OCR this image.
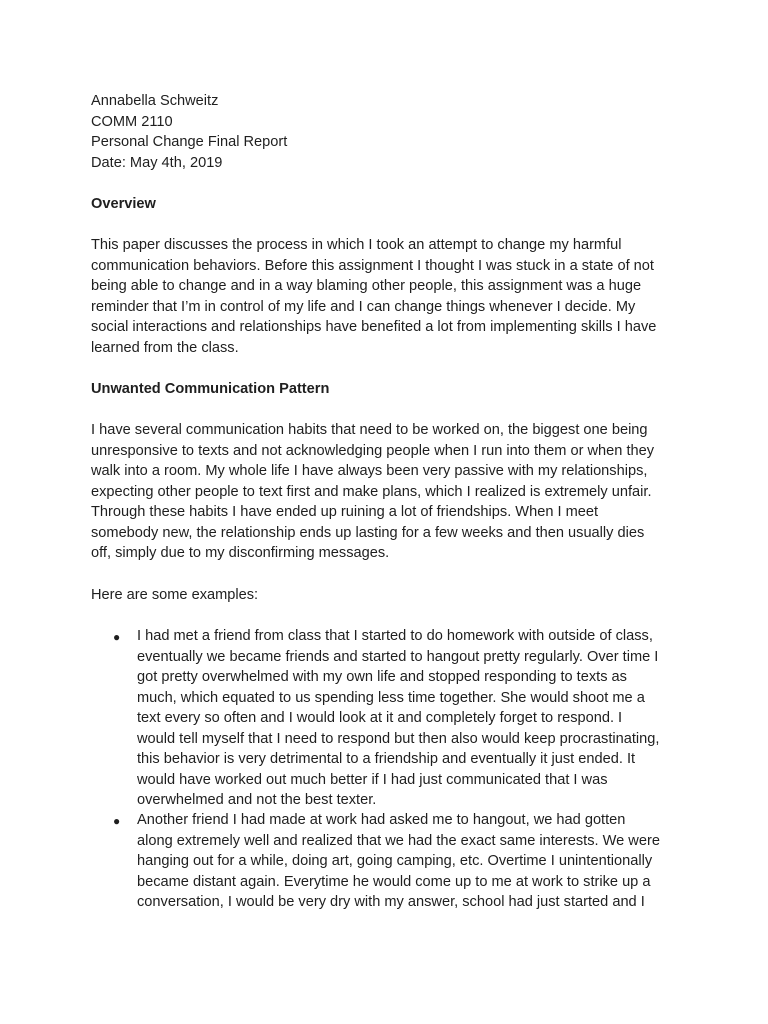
Annabella Schweitz
COMM 2110
Personal Change Final Report
Date: May 4th, 2019
Overview
This paper discusses the process in which I took an attempt to change my harmful
communication behaviors. Before this assignment I thought I was stuck in a state of not
being able to change and in a way blaming other people, this assignment was a huge
reminder that I’m in control of my life and I can change things whenever I decide. My
social interactions and relationships have benefited a lot from implementing skills I have
learned from the class.
Unwanted Communication Pattern
I have several communication habits that need to be worked on, the biggest one being
unresponsive to texts and not acknowledging people when I run into them or when they
walk into a room. My whole life I have always been very passive with my relationships,
expecting other people to text first and make plans, which I realized is extremely unfair.
Through these habits I have ended up ruining a lot of friendships. When I meet
somebody new, the relationship ends up lasting for a few weeks and then usually dies
off, simply due to my disconfirming messages.
Here are some examples:
● I had met a friend from class that I started to do homework with outside of class,
eventually we became friends and started to hangout pretty regularly. Over time I
got pretty overwhelmed with my own life and stopped responding to texts as
much, which equated to us spending less time together. She would shoot me a
text every so often and I would look at it and completely forget to respond. I
would tell myself that I need to respond but then also would keep procrastinating,
this behavior is very detrimental to a friendship and eventually it just ended. It
would have worked out much better if I had just communicated that I was
overwhelmed and not the best texter.
● Another friend I had made at work had asked me to hangout, we had gotten
along extremely well and realized that we had the exact same interests. We were
hanging out for a while, doing art, going camping, etc. Overtime I unintentionally
became distant again. Everytime he would come up to me at work to strike up a
conversation, I would be very dry with my answer, school had just started and I
